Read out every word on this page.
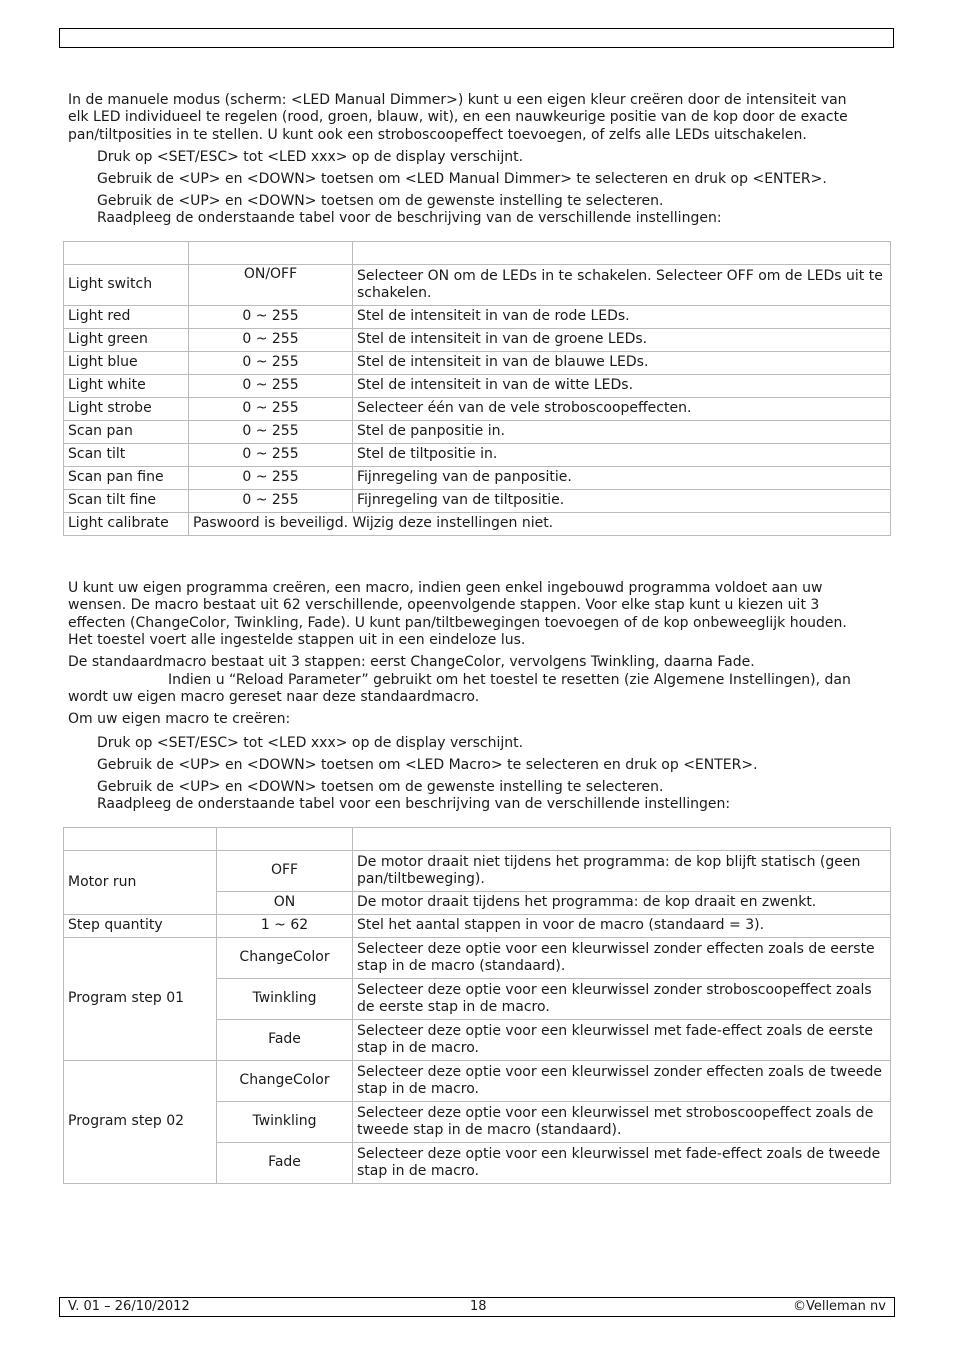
In de manuele modus (scherm: <LED Manual Dimmer>) kunt u een eigen kleur creëren door de intensiteit van
elk LED individueel te regelen (rood, groen, blauw, wit), en een nauwkeurige positie van de kop door de exacte
pan/tiltposities in te stellen. U kunt ook een stroboscoopeffect toevoegen, of zelfs alle LEDs uitschakelen.
Druk op <SET/ESC> tot <LED xxx> op de display verschijnt.
Gebruik de <UP> en <DOWN> toetsen om <LED Manual Dimmer> te selecteren en druk op <ENTER>.
Gebruik de <UP> en <DOWN> toetsen om de gewenste instelling te selecteren.
Raadpleeg de onderstaande tabel voor de beschrijving van de verschillende instellingen:

Light switch	ON/OFF	Selecteer ON om de LEDs in te schakelen. Selecteer OFF om de LEDs uit te schakelen.
Light red	0 ~ 255	Stel de intensiteit in van de rode LEDs.
Light green	0 ~ 255	Stel de intensiteit in van de groene LEDs.
Light blue	0 ~ 255	Stel de intensiteit in van de blauwe LEDs.
Light white	0 ~ 255	Stel de intensiteit in van de witte LEDs.
Light strobe	0 ~ 255	Selecteer één van de vele stroboscoopeffecten.
Scan pan	0 ~ 255	Stel de panpositie in.
Scan tilt	0 ~ 255	Stel de tiltpositie in.
Scan pan fine	0 ~ 255	Fijnregeling van de panpositie.
Scan tilt fine	0 ~ 255	Fijnregeling van de tiltpositie.
Light calibrate	Paswoord is beveiligd. Wijzig deze instellingen niet.	
U kunt uw eigen programma creëren, een macro, indien geen enkel ingebouwd programma voldoet aan uw
wensen. De macro bestaat uit 62 verschillende, opeenvolgende stappen. Voor elke stap kunt u kiezen uit 3
effecten (ChangeColor, Twinkling, Fade). U kunt pan/tiltbewegingen toevoegen of de kop onbeweeglijk houden.
Het toestel voert alle ingestelde stappen uit in een eindeloze lus.
De standaardmacro bestaat uit 3 stappen: eerst ChangeColor, vervolgens Twinkling, daarna Fade.
Indien u “Reload Parameter” gebruikt om het toestel te resetten (zie Algemene Instellingen), dan
wordt uw eigen macro gereset naar deze standaardmacro.
Om uw eigen macro te creëren:
Druk op <SET/ESC> tot <LED xxx> op de display verschijnt.
Gebruik de <UP> en <DOWN> toetsen om <LED Macro> te selecteren en druk op <ENTER>.
Gebruik de <UP> en <DOWN> toetsen om de gewenste instelling te selecteren.
Raadpleeg de onderstaande tabel voor een beschrijving van de verschillende instellingen:

Motor run	OFF	De motor draait niet tijdens het programma: de kop blijft statisch (geen pan/tiltbeweging).
	ON	De motor draait tijdens het programma: de kop draait en zwenkt.
Step quantity	1 ~ 62	Stel het aantal stappen in voor de macro (standaard = 3).
Program step 01	ChangeColor	Selecteer deze optie voor een kleurwissel zonder effecten zoals de eerste stap in de macro (standaard).
	Twinkling	Selecteer deze optie voor een kleurwissel zonder stroboscoopeffect zoals de eerste stap in de macro.
	Fade	Selecteer deze optie voor een kleurwissel met fade-effect zoals de eerste stap in de macro.
Program step 02	ChangeColor	Selecteer deze optie voor een kleurwissel zonder effecten zoals de tweede stap in de macro.
	Twinkling	Selecteer deze optie voor een kleurwissel met stroboscoopeffect zoals de tweede stap in de macro (standaard).
	Fade	Selecteer deze optie voor een kleurwissel met fade-effect zoals de tweede stap in de macro.
V. 01 – 26/10/2012	18	©Velleman nv
